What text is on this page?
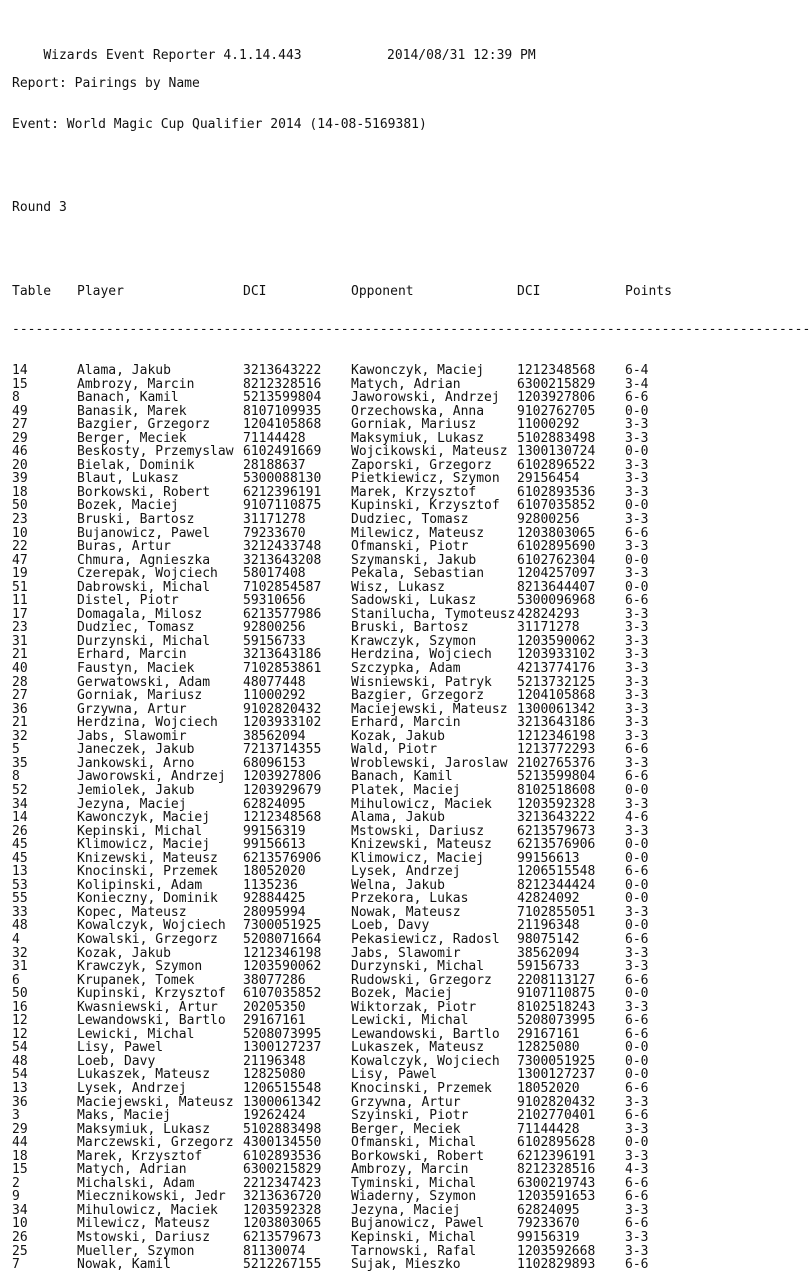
Wizards Event Reporter 4.1.14.443	2014/08/31 12:39 PM

Report: Pairings by Name

Event: World Magic Cup Qualifier 2014 (14-08-5169381)

Round 3

Table	Player	DCI	Opponent	DCI	Points

------------------------------------------------------------------------------------------------------

14	Alama, Jakub	3213643222	Kawonczyk, Maciej	1212348568	6-4
15	Ambrozy, Marcin	8212328516	Matych, Adrian	6300215829	3-4
8	Banach, Kamil	5213599804	Jaworowski, Andrzej	1203927806	6-6
49	Banasik, Marek	8107109935	Orzechowska, Anna	9102762705	0-0
27	Bazgier, Grzegorz	1204105868	Gorniak, Mariusz	11000292	3-3
29	Berger, Meciek	71144428	Maksymiuk, Lukasz	5102883498	3-3
46	Beskosty, Przemyslaw 6102491669	Wojcikowski, Mateusz 1300130724	0-0
20	Bielak, Dominik	28188637	Zaporski, Grzegorz	6102896522	3-3
39	Blaut, Lukasz	5300088130	Pietkiewicz, Szymon	29156454	3-3
18	Borkowski, Robert	6212396191	Marek, Krzysztof	6102893536	3-3
50	Bozek, Maciej	9107110875	Kupinski, Krzysztof	6107035852	0-0
23	Bruski, Bartosz	31171278	Dudziec, Tomasz	92800256	3-3
10	Bujanowicz, Pawel	79233670	Milewicz, Mateusz	1203803065	6-6
22	Buras, Artur	3212433748	Ofmanski, Piotr	6102895690	3-3
47	Chmura, Agnieszka	3213643208	Szymanski, Jakub	6102762304	0-0
19	Czerepak, Wojciech	58017408	Pekala, Sebastian	1204257097	3-3
51	Dabrowski, Michal	7102854587	Wisz, Lukasz	8213644407	0-0
11	Distel, Piotr	59310656	Sadowski, Lukasz	5300096968	6-6
17	Domagala, Milosz	6213577986	Stanilucha, Tymoteusz 42824293	3-3
23	Dudziec, Tomasz	92800256	Bruski, Bartosz	31171278	3-3
31	Durzynski, Michal	59156733	Krawczyk, Szymon	1203590062	3-3
21	Erhard, Marcin	3213643186	Herdzina, Wojciech	1203933102	3-3
40	Faustyn, Maciek	7102853861	Szczypka, Adam	4213774176	3-3
28	Gerwatowski, Adam	48077448	Wisniewski, Patryk	5213732125	3-3
27	Gorniak, Mariusz	11000292	Bazgier, Grzegorz	1204105868	3-3
36	Grzywna, Artur	9102820432	Maciejewski, Mateusz 1300061342	3-3
21	Herdzina, Wojciech	1203933102	Erhard, Marcin	3213643186	3-3
32	Jabs, Slawomir	38562094	Kozak, Jakub	1212346198	3-3
5	Janeczek, Jakub	7213714355	Wald, Piotr	1213772293	6-6
35	Jankowski, Arno	68096153	Wroblewski, Jaroslaw 2102765376	3-3
8	Jaworowski, Andrzej	1203927806	Banach, Kamil	5213599804	6-6
52	Jemiolek, Jakub	1203929679	Platek, Maciej	8102518608	0-0
34	Jezyna, Maciej	62824095	Mihulowicz, Maciek	1203592328	3-3
14	Kawonczyk, Maciej	1212348568	Alama, Jakub	3213643222	4-6
26	Kepinski, Michal	99156319	Mstowski, Dariusz	6213579673	3-3
45	Klimowicz, Maciej	99156613	Knizewski, Mateusz	6213576906	0-0
45	Knizewski, Mateusz	6213576906	Klimowicz, Maciej	99156613	0-0
13	Knocinski, Przemek	18052020	Lysek, Andrzej	1206515548	6-6
53	Kolipinski, Adam	1135236	Welna, Jakub	8212344424	0-0
55	Konieczny, Dominik	92884425	Przekora, Lukas	42824092	0-0
33	Kopec, Mateusz	28095994	Nowak, Mateusz	7102855051	3-3
48	Kowalczyk, Wojciech	7300051925	Loeb, Davy	21196348	0-0
4	Kowalski, Grzegorz	5208071664	Pekasiewicz, Radosl	98075142	6-6
32	Kozak, Jakub	1212346198	Jabs, Slawomir	38562094	3-3
31	Krawczyk, Szymon	1203590062	Durzynski, Michal	59156733	3-3
6	Krupanek, Tomek	38077286	Rudowski, Grzegorz	2208113127	6-6
50	Kupinski, Krzysztof	6107035852	Bozek, Maciej	9107110875	0-0
16	Kwasniewski, Artur	20205350	Wiktorzak, Piotr	8102518243	3-3
12	Lewandowski, Bartlo	29167161	Lewicki, Michal	5208073995	6-6
12	Lewicki, Michal	5208073995	Lewandowski, Bartlo	29167161	6-6
54	Lisy, Pawel	1300127237	Lukaszek, Mateusz	12825080	0-0
48	Loeb, Davy	21196348	Kowalczyk, Wojciech	7300051925	0-0
54	Lukaszek, Mateusz	12825080	Lisy, Pawel	1300127237	0-0
13	Lysek, Andrzej	1206515548	Knocinski, Przemek	18052020	6-6
36	Maciejewski, Mateusz 1300061342	Grzywna, Artur	9102820432	3-3
3	Maks, Maciej	19262424	Szyinski, Piotr	2102770401	6-6
29	Maksymiuk, Lukasz	5102883498	Berger, Meciek	71144428	3-3
44	Marczewski, Grzegorz 4300134550	Ofmanski, Michal	6102895628	0-0
18	Marek, Krzysztof	6102893536	Borkowski, Robert	6212396191	3-3
15	Matych, Adrian	6300215829	Ambrozy, Marcin	8212328516	4-3
2	Michalski, Adam	2212347423	Tyminski, Michal	6300219743	6-6
9	Miecznikowski, Jedr	3213636720	Wiaderny, Szymon	1203591653	6-6
34	Mihulowicz, Maciek	1203592328	Jezyna, Maciej	62824095	3-3
10	Milewicz, Mateusz	1203803065	Bujanowicz, Pawel	79233670	6-6
26	Mstowski, Dariusz	6213579673	Kepinski, Michal	99156319	3-3
25	Mueller, Szymon	81130074	Tarnowski, Rafal	1203592668	3-3
7	Nowak, Kamil	5212267155	Sujak, Mieszko	1102829893	6-6
